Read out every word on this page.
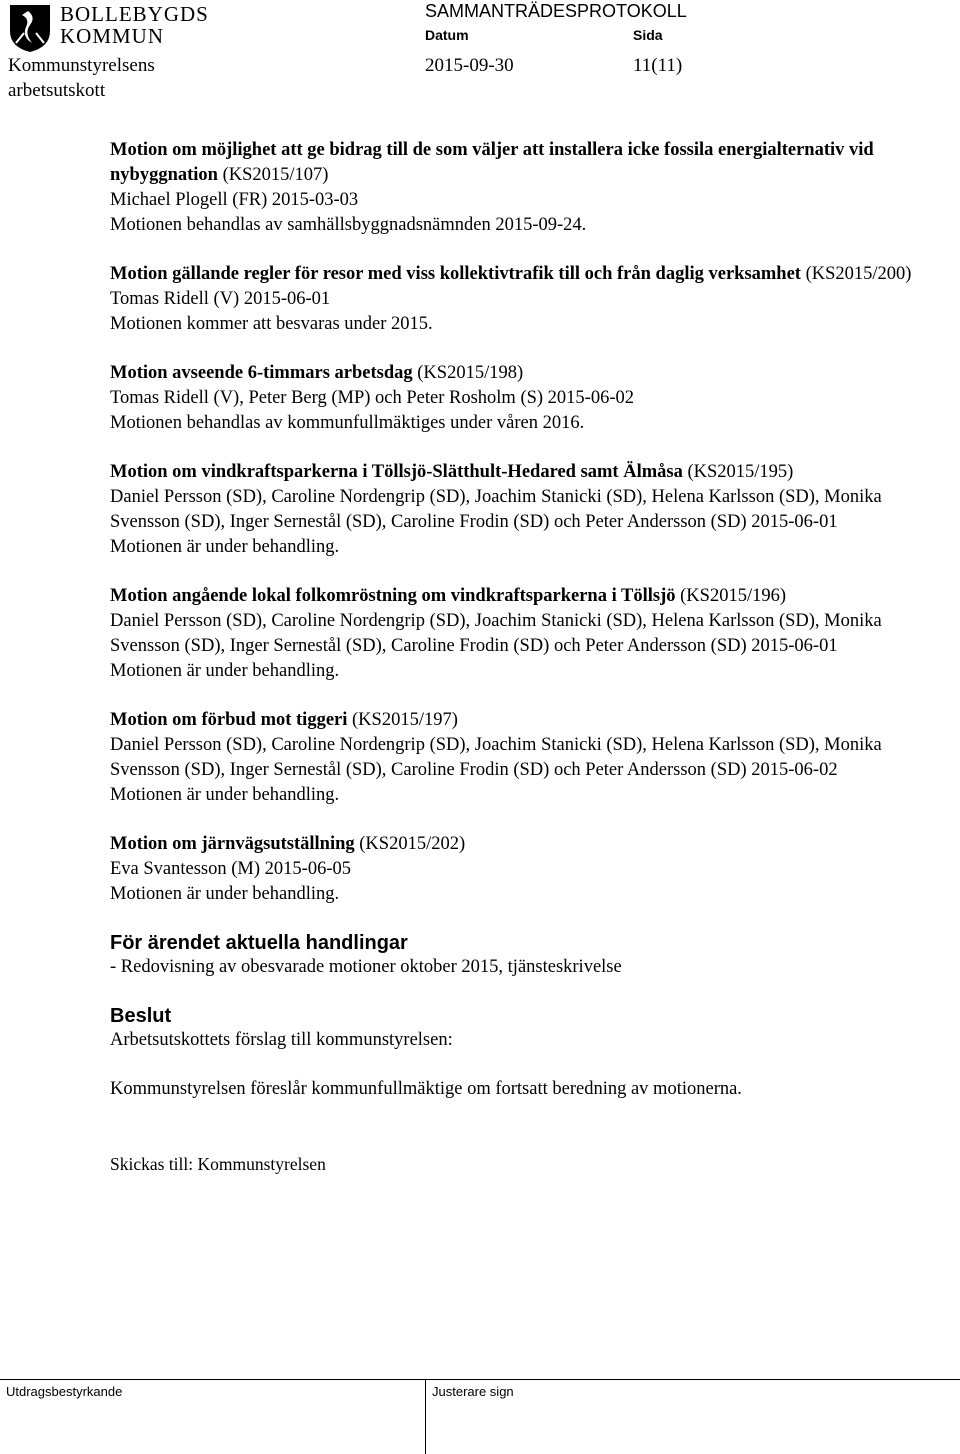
BOLLEBYGDS
KOMMUN
SAMMANTRÄDESPROTOKOLL
Datum	Sida
Kommunstyrelsens
arbetsutskott
2015-09-30	11(11)

Motion om möjlighet att ge bidrag till de som väljer att installera icke fossila energialternativ vid nybyggnation (KS2015/107)

Michael Plogell (FR) 2015-03-03

Motionen behandlas av samhällsbyggnadsnämnden 2015-09-24.

Motion gällande regler för resor med viss kollektivtrafik till och från daglig verksamhet (KS2015/200)

Tomas Ridell (V) 2015-06-01

Motionen kommer att besvaras under 2015.

Motion avseende 6-timmars arbetsdag (KS2015/198)

Tomas Ridell (V), Peter Berg (MP) och Peter Rosholm (S) 2015-06-02

Motionen behandlas av kommunfullmäktiges under våren 2016.

Motion om vindkraftsparkerna i Töllsjö-Slätthult-Hedared samt Älmåsa (KS2015/195)

Daniel Persson (SD), Caroline Nordengrip (SD), Joachim Stanicki (SD), Helena Karlsson (SD), Monika Svensson (SD), Inger Sernestål (SD), Caroline Frodin (SD) och Peter Andersson (SD) 2015-06-01

Motionen är under behandling.

Motion angående lokal folkomröstning om vindkraftsparkerna i Töllsjö (KS2015/196)

Daniel Persson (SD), Caroline Nordengrip (SD), Joachim Stanicki (SD), Helena Karlsson (SD), Monika Svensson (SD), Inger Sernestål (SD), Caroline Frodin (SD) och Peter Andersson (SD) 2015-06-01

Motionen är under behandling.

Motion om förbud mot tiggeri (KS2015/197)

Daniel Persson (SD), Caroline Nordengrip (SD), Joachim Stanicki (SD), Helena Karlsson (SD), Monika Svensson (SD), Inger Sernestål (SD), Caroline Frodin (SD) och Peter Andersson (SD) 2015-06-02

Motionen är under behandling.

Motion om järnvägsutställning (KS2015/202)

Eva Svantesson (M) 2015-06-05

Motionen är under behandling.

För ärendet aktuella handlingar

- Redovisning av obesvarade motioner oktober 2015, tjänsteskrivelse

Beslut

Arbetsutskottets förslag till kommunstyrelsen:

Kommunstyrelsen föreslår kommunfullmäktige om fortsatt beredning av motionerna.

Skickas till: Kommunstyrelsen

Utdragsbestyrkande	Justerare sign
